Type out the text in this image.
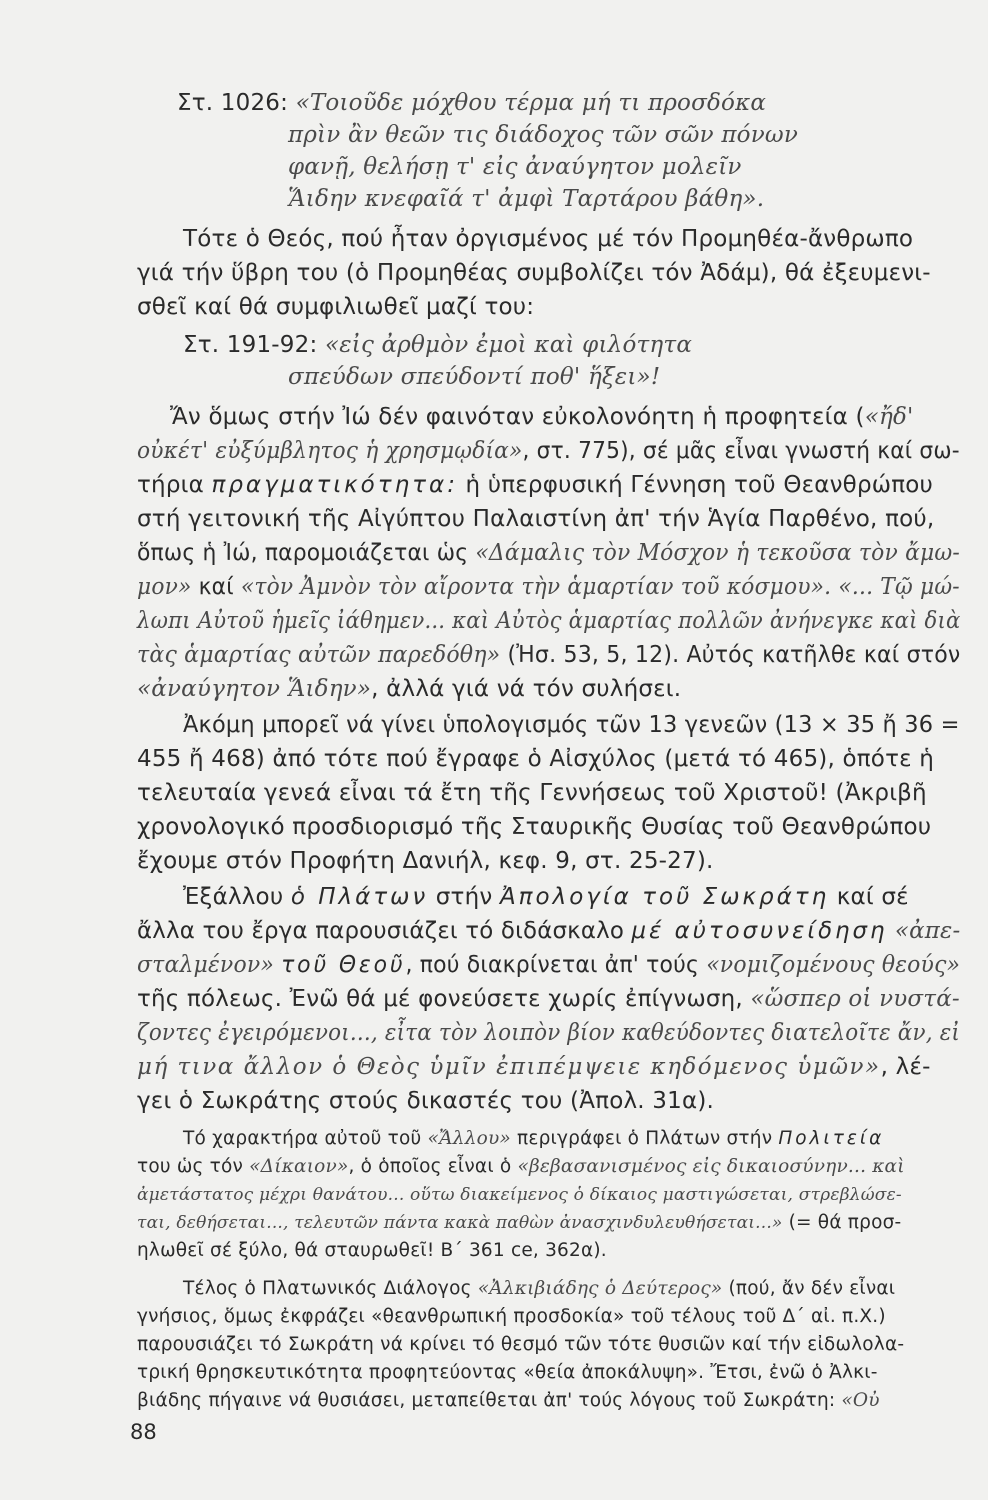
Στ. 1026: «Τοιοῦδε μόχθου τέρμα μή τι προσδόκα
πρὶν ἂν θεῶν τις διάδοχος τῶν σῶν πόνων
φανῇ, θελήσῃ τ' εἰς ἀναύγητον μολεῖν
Ἅιδην κνεφαῖά τ' ἀμφὶ Ταρτάρου βάθη».
Τότε ὁ Θεός, πού ἦταν ὀργισμένος μέ τόν Προμηθέα-ἄνθρωπο
γιά τήν ὕβρη του (ὁ Προμηθέας συμβολίζει τόν Ἀδάμ), θά ἐξευμενι-
σθεῖ καί θά συμφιλιωθεῖ μαζί του:
Στ. 191-92: «εἰς ἀρθμὸν ἐμοὶ καὶ φιλότητα
σπεύδων σπεύδοντί ποθ' ἥξει»!
Ἄν ὅμως στήν Ἰώ δέν φαινόταν εὐκολονόητη ἡ προφητεία («ἤδ'
οὐκέτ' εὐξύμβλητος ἡ χρησμῳδία», στ. 775), σέ μᾶς εἶναι γνωστή καί σω-
τήρια πραγματικότητα: ἡ ὑπερφυσική Γέννηση τοῦ Θεανθρώπου
στή γειτονική τῆς Αἰγύπτου Παλαιστίνη ἀπ' τήν Ἁγία Παρθένο, πού,
ὅπως ἡ Ἰώ, παρομοιάζεται ὡς «Δάμαλις τὸν Μόσχον ἡ τεκοῦσα τὸν ἄμω-
μον» καί «τὸν Ἀμνὸν τὸν αἴροντα τὴν ἁμαρτίαν τοῦ κόσμου». «... Τῷ μώ-
λωπι Αὐτοῦ ἡμεῖς ἰάθημεν... καὶ Αὐτὸς ἁμαρτίας πολλῶν ἀνήνεγκε καὶ διὰ
τὰς ἁμαρτίας αὐτῶν παρεδόθη» (Ἠσ. 53, 5, 12). Αὐτός κατῆλθε καί στόν
«ἀναύγητον Ἅιδην», ἀλλά γιά νά τόν συλήσει.
Ἀκόμη μπορεῖ νά γίνει ὑπολογισμός τῶν 13 γενεῶν (13 × 35 ἤ 36 =
455 ἤ 468) ἀπό τότε πού ἔγραφε ὁ Αἰσχύλος (μετά τό 465), ὁπότε ἡ
τελευταία γενεά εἶναι τά ἔτη τῆς Γεννήσεως τοῦ Χριστοῦ! (Ἀκριβῆ
χρονολογικό προσδιορισμό τῆς Σταυρικῆς Θυσίας τοῦ Θεανθρώπου
ἔχουμε στόν Προφήτη Δανιήλ, κεφ. 9, στ. 25-27).
Ἐξάλλου ὁ Πλάτων στήν Ἀπολογία τοῦ Σωκράτη καί σέ
ἄλλα του ἔργα παρουσιάζει τό διδάσκαλο μέ αὐτοσυνείδηση «ἀπε-
σταλμένον» τοῦ Θεοῦ, πού διακρίνεται ἀπ' τούς «νομιζομένους θεούς»
τῆς πόλεως. Ἐνῶ θά μέ φονεύσετε χωρίς ἐπίγνωση, «ὥσπερ οἱ νυστά-
ζοντες ἐγειρόμενοι..., εἶτα τὸν λοιπὸν βίον καθεύδοντες διατελοῖτε ἄν, εἰ
μή τινα ἄλλον ὁ Θεὸς ὑμῖν ἐπιπέμψειε κηδόμενος ὑμῶν», λέ-
γει ὁ Σωκράτης στούς δικαστές του (Ἀπολ. 31α).
Τό χαρακτήρα αὐτοῦ τοῦ «Ἄλλου» περιγράφει ὁ Πλάτων στήν Πολιτεία
του ὡς τόν «Δίκαιον», ὁ ὁποῖος εἶναι ὁ «βεβασανισμένος εἰς δικαιοσύνην... καὶ
ἀμετάστατος μέχρι θανάτου... οὕτω διακείμενος ὁ δίκαιος μαστιγώσεται, στρεβλώσε-
ται, δεθήσεται..., τελευτῶν πάντα κακὰ παθὼν ἀνασχινδυλευθήσεται...» (= θά προσ-
ηλωθεῖ σέ ξύλο, θά σταυρωθεῖ! Β΄ 361 ce, 362α).
Τέλος ὁ Πλατωνικός Διάλογος «Ἀλκιβιάδης ὁ Δεύτερος» (πού, ἄν δέν εἶναι
γνήσιος, ὅμως ἐκφράζει «θεανθρωπική προσδοκία» τοῦ τέλους τοῦ Δ΄ αἰ. π.Χ.)
παρουσιάζει τό Σωκράτη νά κρίνει τό θεσμό τῶν τότε θυσιῶν καί τήν εἰδωλολα-
τρική θρησκευτικότητα προφητεύοντας «θεία ἀποκάλυψη». Ἔτσι, ἐνῶ ὁ Ἀλκι-
βιάδης πήγαινε νά θυσιάσει, μεταπείθεται ἀπ' τούς λόγους τοῦ Σωκράτη: «Οὐ
88
